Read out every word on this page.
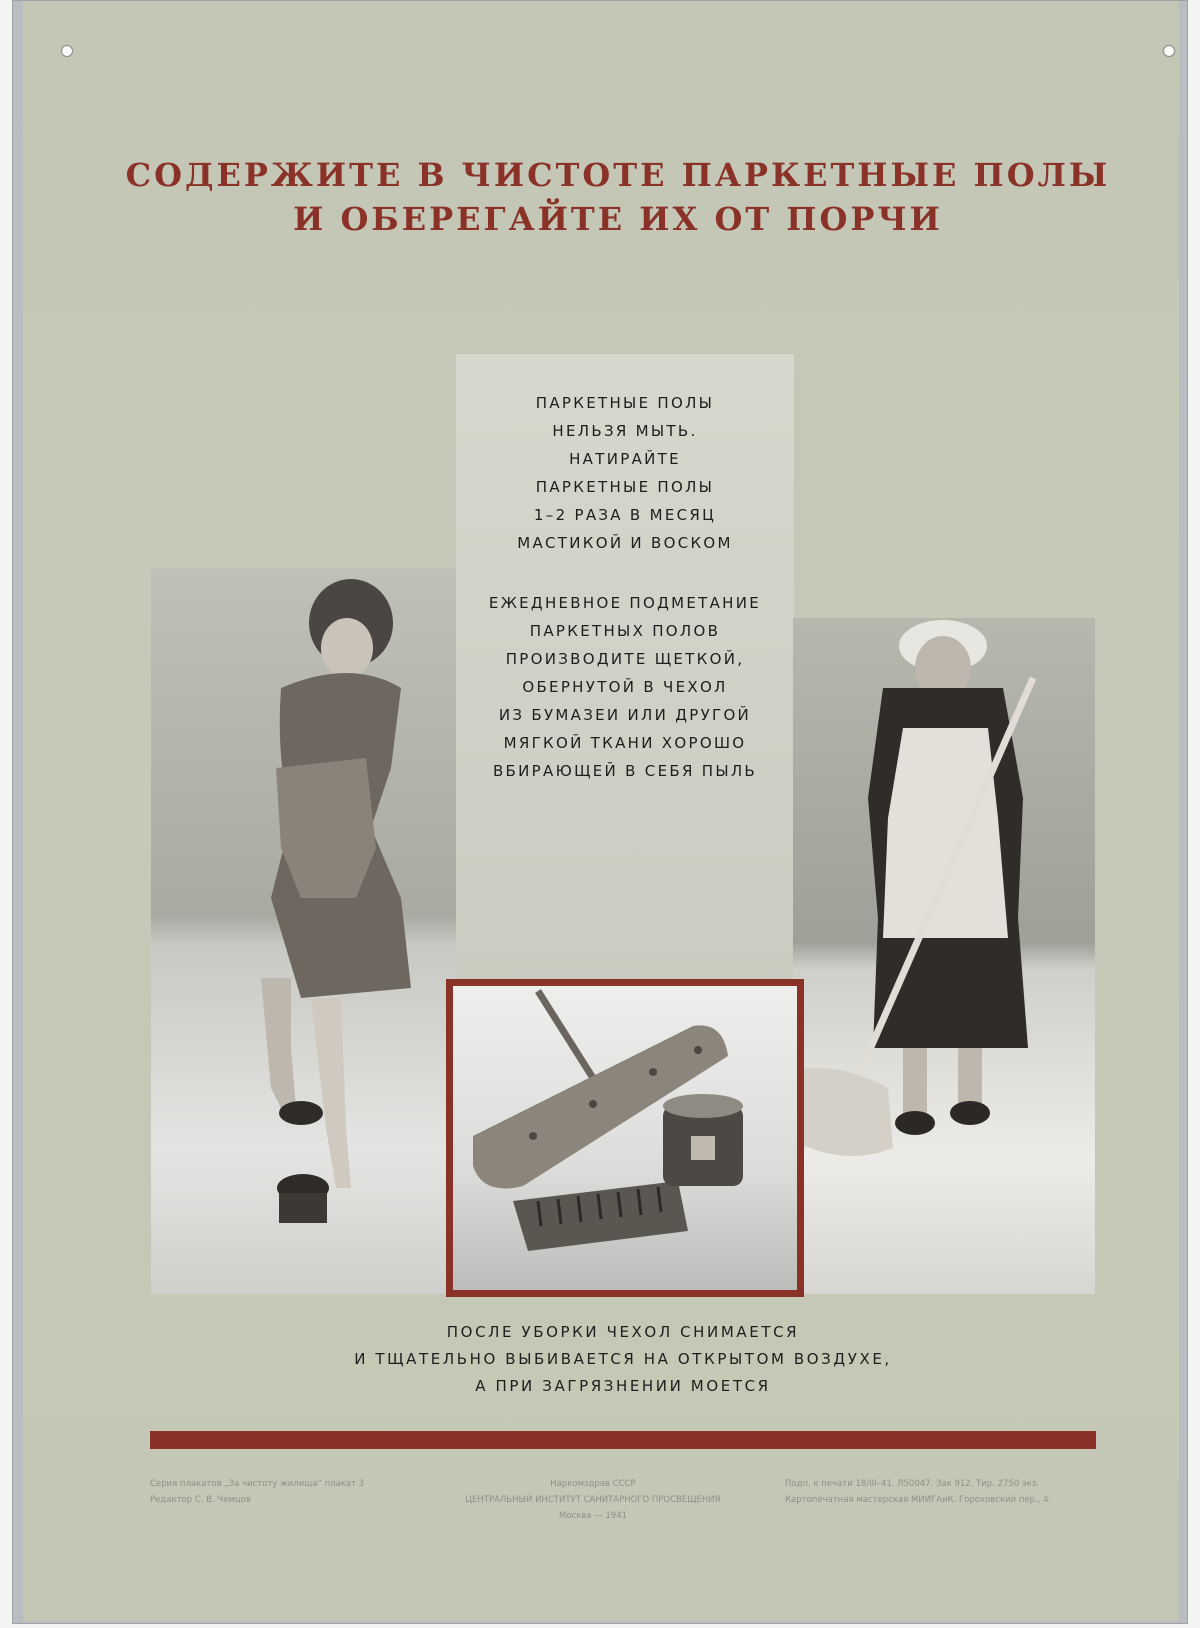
СОДЕРЖИТЕ В ЧИСТОТЕ ПАРКЕТНЫЕ ПОЛЫ
И ОБЕРЕГАЙТЕ ИХ ОТ ПОРЧИ
ПАРКЕТНЫЕ ПОЛЫ
НЕЛЬЗЯ МЫТЬ.
НАТИРАЙТЕ
ПАРКЕТНЫЕ ПОЛЫ
1–2 РАЗА В МЕСЯЦ
МАСТИКОЙ И ВОСКОМ
ЕЖЕДНЕВНОЕ ПОДМЕТАНИЕ
ПАРКЕТНЫХ ПОЛОВ
ПРОИЗВОДИТЕ ЩЕТКОЙ,
ОБЕРНУТОЙ В ЧЕХОЛ
ИЗ БУМАЗЕИ ИЛИ ДРУГОЙ
МЯГКОЙ ТКАНИ ХОРОШО
ВБИРАЮЩЕЙ В СЕБЯ ПЫЛЬ
ПОСЛЕ УБОРКИ ЧЕХОЛ СНИМАЕТСЯ
И ТЩАТЕЛЬНО ВЫБИВАЕТСЯ НА ОТКРЫТОМ ВОЗДУХЕ,
А ПРИ ЗАГРЯЗНЕНИИ МОЕТСЯ
Серия плакатов „За чистоту жилища“ плакат 3
Редактор С. В. Чемцов
Наркомздрав СССР
ЦЕНТРАЛЬНЫЙ ИНСТИТУТ САНИТАРНОГО ПРОСВЕЩЕНИЯ
Москва — 1941
Подп. к печати 18/III–41. Л50047. Зак 912. Тир. 2750 экз.
Картопечатная мастерская МИИГАиК. Гороховский пер., 4.
